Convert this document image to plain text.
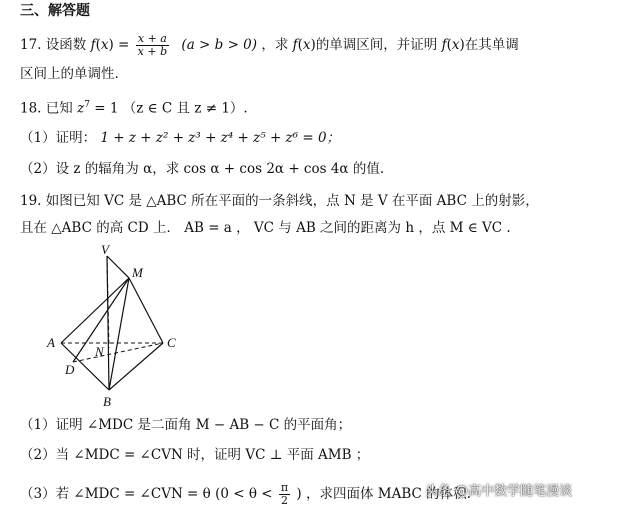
三、解答题
17. 设函数 $f(x) = \frac{x + a}{x + b} (a > b > 0)$ ，求 f(x)的单调区间，并证明 f(x)在其单调
区间上的单调性.
18. 已知 $z^7 = 1$ （z ∈ C 且 z ≠ 1）.
（1）证明： 1 + z + z² + z³ + z⁴ + z⁵ + z⁶ = 0；
（2）设 z 的辐角为 α，求 cos α + cos 2α + cos 4α 的值.
19. 如图已知 VC 是 △ABC 所在平面的一条斜线，点 N 是 V 在平面 ABC 上的射影，
且在 △ABC 的高 CD 上． AB = a ， VC 与 AB 之间的距离为 h ，点 M ∈ VC .
V
M
A	C
N
D
B
（1）证明 ∠MDC 是二面角 M − AB − C 的平面角；
（2）当 ∠MDC = ∠CVN 时，证明 VC ⊥ 平面 AMB ；
（3）若 ∠MDC = ∠CVN = θ ($0 < \theta < \frac{\pi}{2}$ ) ，求四面体 MABC 的体积.
头条 @高中数学随笔漫谈
